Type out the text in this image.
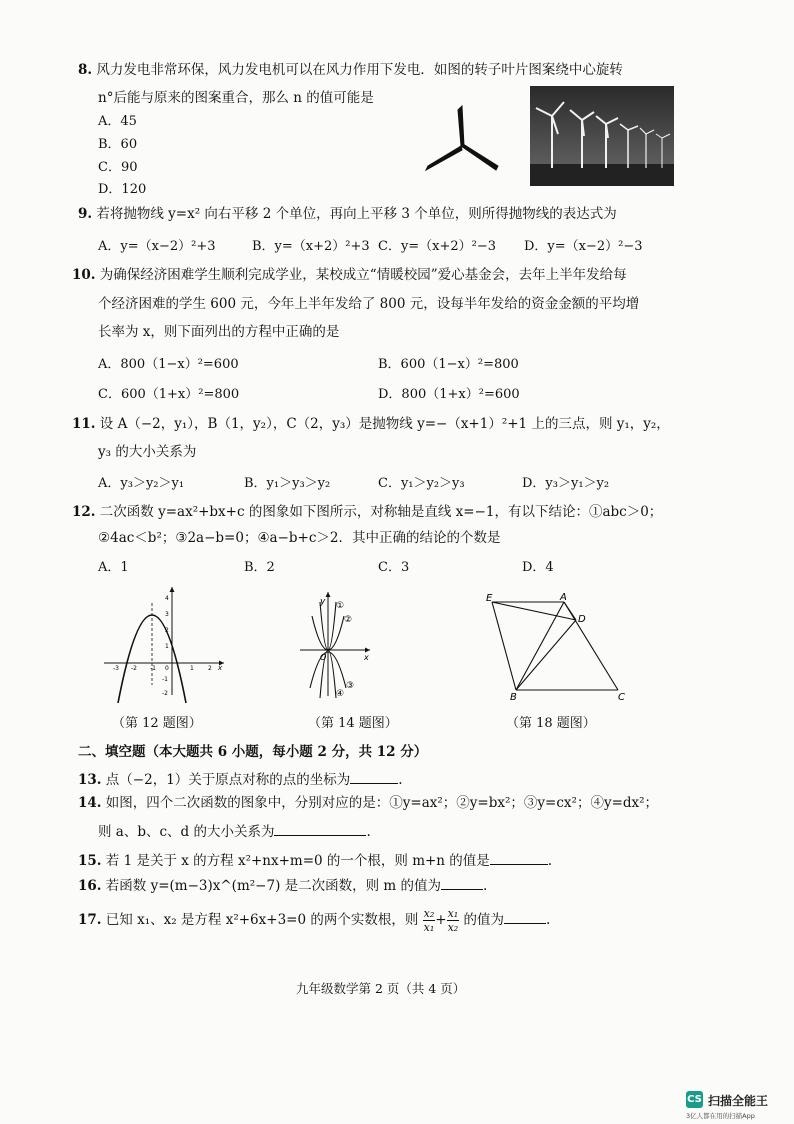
8. 风力发电非常环保，风力发电机可以在风力作用下发电．如图的转子叶片图案绕中心旋转
n°后能与原来的图案重合，那么 n 的值可能是
A．45
B．60
C．90
D．120
9. 若将抛物线 y=x² 向右平移 2 个单位，再向上平移 3 个单位，则所得抛物线的表达式为
A．y=（x−2）²+3	B．y=（x+2）²+3 C．y=（x+2）²−3 D．y=（x−2）²−3
10. 为确保经济困难学生顺利完成学业，某校成立“情暖校园”爱心基金会，去年上半年发给每
个经济困难的学生 600 元，今年上半年发给了 800 元，设每半年发给的资金金额的平均增
长率为 x，则下面列出的方程中正确的是
A．800（1−x）²=600	B．600（1−x）²=800
C．600（1+x）²=800	D．800（1+x）²=600
11. 设 A（−2，y₁），B（1，y₂），C（2，y₃）是抛物线 y=−（x+1）²+1 上的三点，则 y₁，y₂，
y₃ 的大小关系为
A．y₃＞y₂＞y₁	B．y₁＞y₃＞y₂	C．y₁＞y₂＞y₃	D．y₃＞y₁＞y₂
12. 二次函数 y=ax²+bx+c 的图象如下图所示，对称轴是直线 x=−1，有以下结论：①abc＞0；
②4ac＜b²；③2a−b=0；④a−b+c＞2．其中正确的结论的个数是
A．1	B．2	C．3	D．4
-3 -2 -1 0	1 2 x
4
3
2
1
-1
-2
（第 12 题图）
y
x
O
①
②
③
④
（第 14 题图）
E	A
D
B	C
（第 18 题图）
二、填空题（本大题共 6 小题，每小题 2 分，共 12 分）
13. 点（−2，1）关于原点对称的点的坐标为	.
14. 如图，四个二次函数的图象中，分别对应的是：①y=ax²；②y=bx²；③y=cx²；④y=dx²；
则 a、b、c、d 的大小关系为	.
15. 若 1 是关于 x 的方程 x²+nx+m=0 的一个根，则 m+n 的值是	.
16. 若函数 y=(m−3)x^(m²−7) 是二次函数，则 m 的值为	.
17. 已知 x₁、x₂ 是方程 x²+6x+3=0 的两个实数根，则 $\frac{\text{x₂}}{\text{x₁}} + \frac{\text{x₁}}{\text{x₂}}$ 的值为	.
九年级数学第 2 页（共 4 页）
CS 扫描全能王
3亿人都在用的扫描App
